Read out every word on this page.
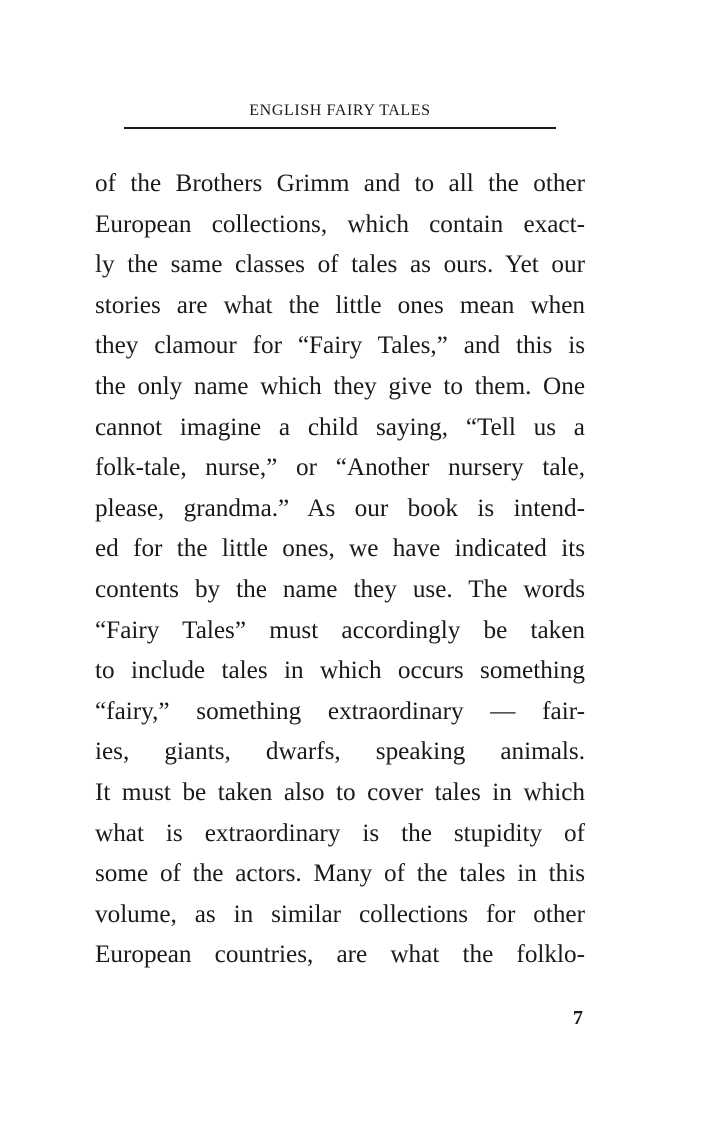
ENGLISH FAIRY TALES
of the Brothers Grimm and to all the other
European collections, which contain exact-
ly the same classes of tales as ours. Yet our
stories are what the little ones mean when
they clamour for “Fairy Tales,” and this is
the only name which they give to them. One
cannot imagine a child saying, “Tell us a
folk-tale, nurse,” or “Another nursery tale,
please, grandma.” As our book is intend-
ed for the little ones, we have indicated its
contents by the name they use. The words
“Fairy Tales” must accordingly be taken
to include tales in which occurs something
“fairy,” something extraordinary — fair-
ies, giants, dwarfs, speaking animals.
It must be taken also to cover tales in which
what is extraordinary is the stupidity of
some of the actors. Many of the tales in this
volume, as in similar collections for other
European countries, are what the folklo-
7
